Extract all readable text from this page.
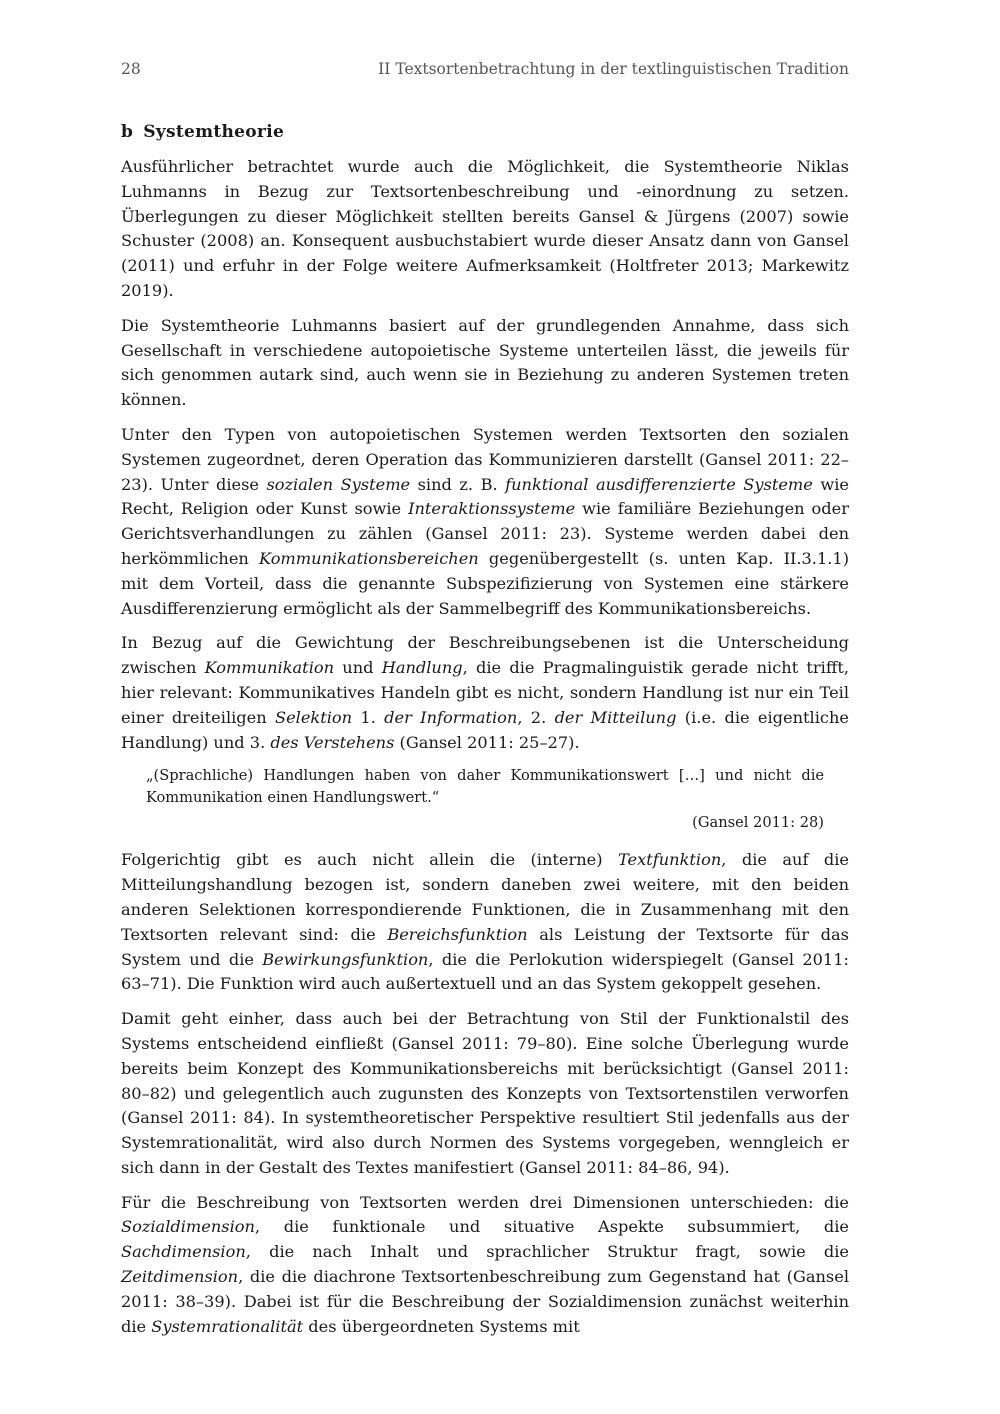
28	II Textsortenbetrachtung in der textlinguistischen Tradition
b Systemtheorie

Ausführlicher betrachtet wurde auch die Möglichkeit, die Systemtheorie Niklas Luhmanns in Bezug zur Textsortenbeschreibung und -einordnung zu setzen. Überlegungen zu dieser Möglichkeit stellten bereits Gansel & Jürgens (2007) sowie Schuster (2008) an. Konsequent ausbuchstabiert wurde dieser Ansatz dann von Gansel (2011) und erfuhr in der Folge weitere Aufmerksamkeit (Holtfreter 2013; Markewitz 2019).

Die Systemtheorie Luhmanns basiert auf der grundlegenden Annahme, dass sich Gesellschaft in verschiedene autopoietische Systeme unterteilen lässt, die jeweils für sich genommen autark sind, auch wenn sie in Beziehung zu anderen Systemen treten können.

Unter den Typen von autopoietischen Systemen werden Textsorten den sozialen Systemen zugeordnet, deren Operation das Kommunizieren darstellt (Gansel 2011: 22–23). Unter diese sozialen Systeme sind z. B. funktional ausdifferenzierte Systeme wie Recht, Religion oder Kunst sowie Interaktionssysteme wie familiäre Beziehungen oder Gerichtsverhandlungen zu zählen (Gansel 2011: 23). Systeme werden dabei den herkömmlichen Kommunikationsbereichen gegenübergestellt (s. unten Kap. II.3.1.1) mit dem Vorteil, dass die genannte Subspezifizierung von Systemen eine stärkere Ausdifferenzierung ermöglicht als der Sammelbegriff des Kommunikationsbereichs.

In Bezug auf die Gewichtung der Beschreibungsebenen ist die Unterscheidung zwischen Kommunikation und Handlung, die die Pragmalinguistik gerade nicht trifft, hier relevant: Kommunikatives Handeln gibt es nicht, sondern Handlung ist nur ein Teil einer dreiteiligen Selektion 1. der Information, 2. der Mitteilung (i.e. die eigentliche Handlung) und 3. des Verstehens (Gansel 2011: 25–27).

„(Sprachliche) Handlungen haben von daher Kommunikationswert […] und nicht die Kommunikation einen Handlungswert.“

(Gansel 2011: 28)

Folgerichtig gibt es auch nicht allein die (interne) Textfunktion, die auf die Mitteilungshandlung bezogen ist, sondern daneben zwei weitere, mit den beiden anderen Selektionen korrespondierende Funktionen, die in Zusammenhang mit den Textsorten relevant sind: die Bereichsfunktion als Leistung der Textsorte für das System und die Bewirkungsfunktion, die die Perlokution widerspiegelt (Gansel 2011: 63–71). Die Funktion wird auch außertextuell und an das System gekoppelt gesehen.

Damit geht einher, dass auch bei der Betrachtung von Stil der Funktionalstil des Systems entscheidend einfließt (Gansel 2011: 79–80). Eine solche Überlegung wurde bereits beim Konzept des Kommunikationsbereichs mit berücksichtigt (Gansel 2011: 80–82) und gelegentlich auch zugunsten des Konzepts von Textsortenstilen verworfen (Gansel 2011: 84). In systemtheoretischer Perspektive resultiert Stil jedenfalls aus der Systemrationalität, wird also durch Normen des Systems vorgegeben, wenngleich er sich dann in der Gestalt des Textes manifestiert (Gansel 2011: 84–86, 94).

Für die Beschreibung von Textsorten werden drei Dimensionen unterschieden: die Sozialdimension, die funktionale und situative Aspekte subsummiert, die Sachdimension, die nach Inhalt und sprachlicher Struktur fragt, sowie die Zeitdimension, die die diachrone Textsortenbeschreibung zum Gegenstand hat (Gansel 2011: 38–39). Dabei ist für die Beschreibung der Sozialdimension zunächst weiterhin die Systemrationalität des übergeordneten Systems mit
